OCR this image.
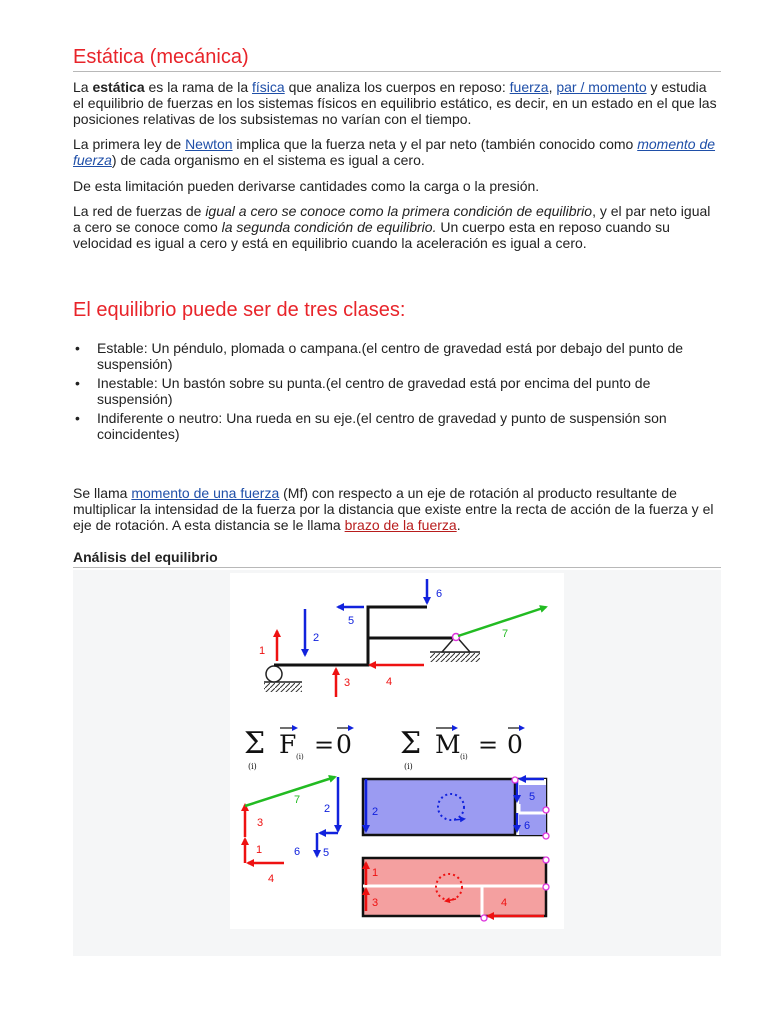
Estática (mecánica)

La estática es la rama de la física que analiza los cuerpos en reposo: fuerza, par / momento y estudia el equilibrio de fuerzas en los sistemas físicos en equilibrio estático, es decir, en un estado en el que las posiciones relativas de los subsistemas no varían con el tiempo.

La primera ley de Newton implica que la fuerza neta y el par neto (también conocido como momento de fuerza) de cada organismo en el sistema es igual a cero.

De esta limitación pueden derivarse cantidades como la carga o la presión.

La red de fuerzas de igual a cero se conoce como la primera condición de equilibrio, y el par neto igual a cero se conoce como la segunda condición de equilibrio. Un cuerpo esta en reposo cuando su velocidad es igual a cero y está en equilibrio cuando la aceleración es igual a cero.

El equilibrio puede ser de tres clases:
• Estable: Un péndulo, plomada o campana.(el centro de gravedad está por debajo del punto de suspensión)
• Inestable: Un bastón sobre su punta.(el centro de gravedad está por encima del punto de suspensión)
• Indiferente o neutro: Una rueda en su eje.(el centro de gravedad y punto de suspensión son coincidentes)

Se llama momento de una fuerza (Mf) con respecto a un eje de rotación al producto resultante de multiplicar la intensidad de la fuerza por la distancia que existe entre la recta de acción de la fuerza y el eje de rotación. A esta distancia se le llama brazo de la fuerza.

Análisis del equilibrio
1
2
3	4
5
6
7
Σ
(i)
F (i) = 0 Σ
(i)
M (i) = 0
3
1
4
7
2
5
6
2
5
6
1
3	4
